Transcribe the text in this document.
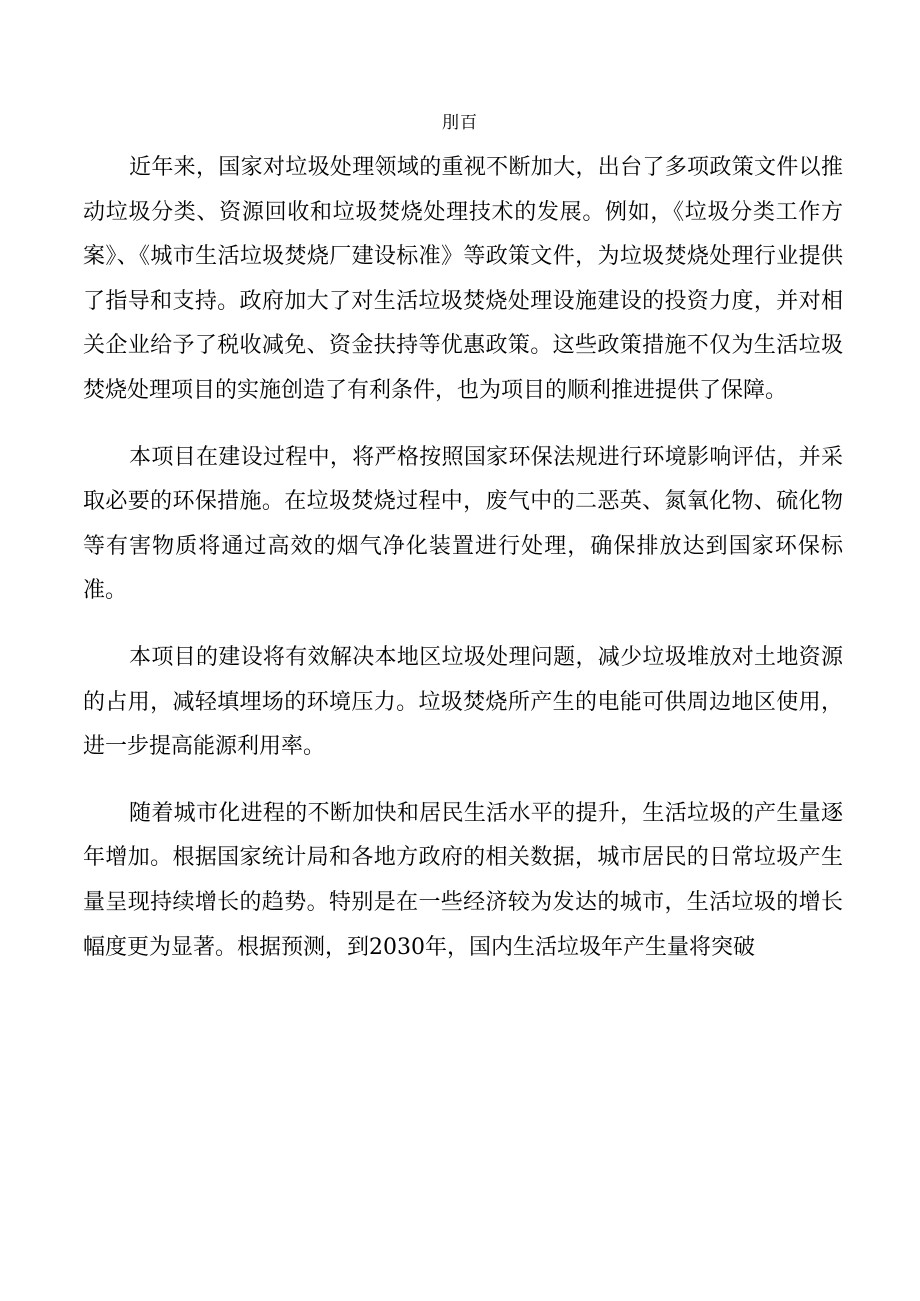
刖百

近年来，国家对垃圾处理领域的重视不断加大，出台了多项政策文件以推动垃圾分类、资源回收和垃圾焚烧处理技术的发展。例如，《垃圾分类工作方案》、《城市生活垃圾焚烧厂建设标准》等政策文件，为垃圾焚烧处理行业提供了指导和支持。政府加大了对生活垃圾焚烧处理设施建设的投资力度，并对相关企业给予了税收减免、资金扶持等优惠政策。这些政策措施不仅为生活垃圾焚烧处理项目的实施创造了有利条件，也为项目的顺利推进提供了保障。

本项目在建设过程中，将严格按照国家环保法规进行环境影响评估，并采取必要的环保措施。在垃圾焚烧过程中，废气中的二恶英、氮氧化物、硫化物等有害物质将通过高效的烟气净化装置进行处理，确保排放达到国家环保标准。

本项目的建设将有效解决本地区垃圾处理问题，减少垃圾堆放对土地资源的占用，减轻填埋场的环境压力。垃圾焚烧所产生的电能可供周边地区使用，进一步提高能源利用率。

随着城市化进程的不断加快和居民生活水平的提升，生活垃圾的产生量逐年增加。根据国家统计局和各地方政府的相关数据，城市居民的日常垃圾产生量呈现持续增长的趋势。特别是在一些经济较为发达的城市，生活垃圾的增长幅度更为显著。根据预测，到2030年，国内生活垃圾年产生量将突破
